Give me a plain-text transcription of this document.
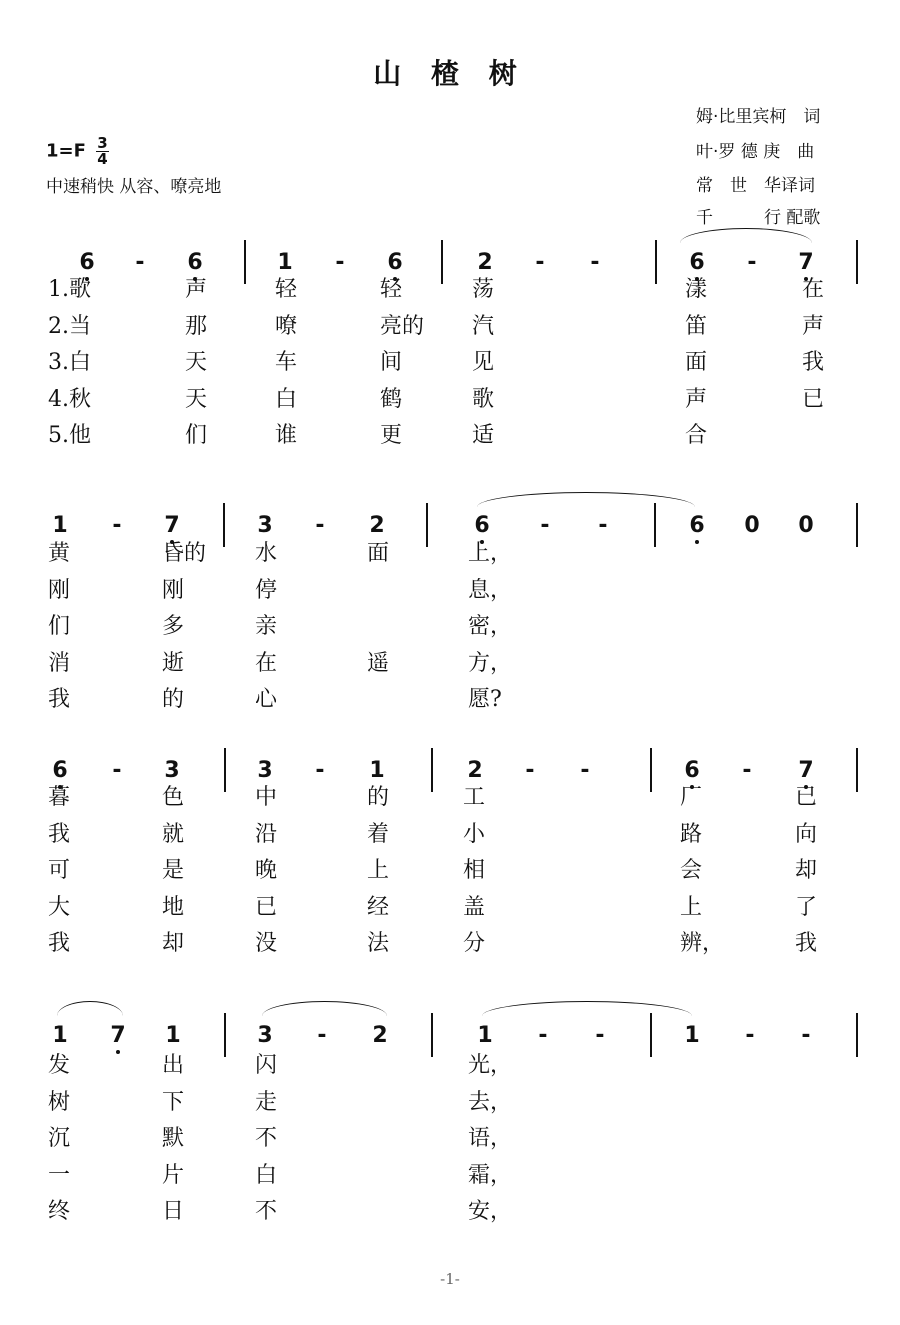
山 楂 树
姆·比里宾柯　词
叶·罗 德 庚　曲
常　世　华译词
千　　　行 配歌
$1=F \frac{3}{4}$
中速稍快 从容、嘹亮地
6	-	6	1	-	6	2	-	-	6	-	7
1.歌	声	轻	轻	荡	漾	在
2.当	那	嘹	亮的 汽	笛	声
3.白	天	车	间	见	面	我
4.秋	天	白	鹤	歌	声	已
5.他	们	谁	更	适	合
1	-	7	3	-	2	6	-	-	6	0	0
黄	昏的 水	面	上，
刚	刚	停	息，
们	多	亲	密，
消	逝	在	遥	方，
我	的	心	愿?
6	-	3	3	-	1	2	-	-	6	-	7
暮	色	中	的	工	厂	已
我	就	沿	着	小	路	向
可	是	晚	上	相	会	却
大	地	已	经	盖	上	了
我	却	没	法	分	辨，	我
1	7	1	3	-	2	1	-	-	1	-	-
发	出	闪	光，
树	下	走	去，
沉	默	不	语，
一	片	白	霜，
终	日	不	安，
-1-
